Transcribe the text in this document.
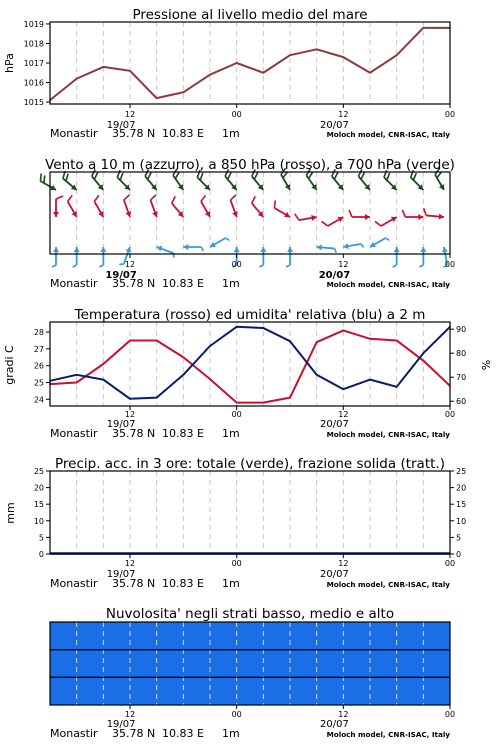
1015
1016
1017
1018
1019
hPa
Pressione al livello medio del mare
12	00	12	00
19/07	20/07
Monastir 35.78 N 10.83 E 1m	Moloch model, CNR-ISAC, Italy
Vento a 10 m (azzurro), a 850 hPa (rosso), a 700 hPa (verde)
12	00	12	00
19/07	20/07
Monastir 35.78 N 10.83 E 1m	Moloch model, CNR-ISAC, Italy
24
25
26
27
28
60
70
80
90
gradi C	%
Temperatura (rosso) ed umidita' relativa (blu) a 2 m
12	00	12	00
19/07	20/07
Monastir 35.78 N 10.83 E 1m	Moloch model, CNR-ISAC, Italy
0
5
10
15
20
25
0
5
10
15
20
25
mm
Precip. acc. in 3 ore: totale (verde), frazione solida (tratt.)
12	00	12	00
19/07	20/07
Monastir 35.78 N 10.83 E 1m	Moloch model, CNR-ISAC, Italy
Nuvolosita' negli strati basso, medio e alto
12	00	12	00
19/07	20/07
Monastir 35.78 N 10.83 E 1m	Moloch model, CNR-ISAC, Italy
